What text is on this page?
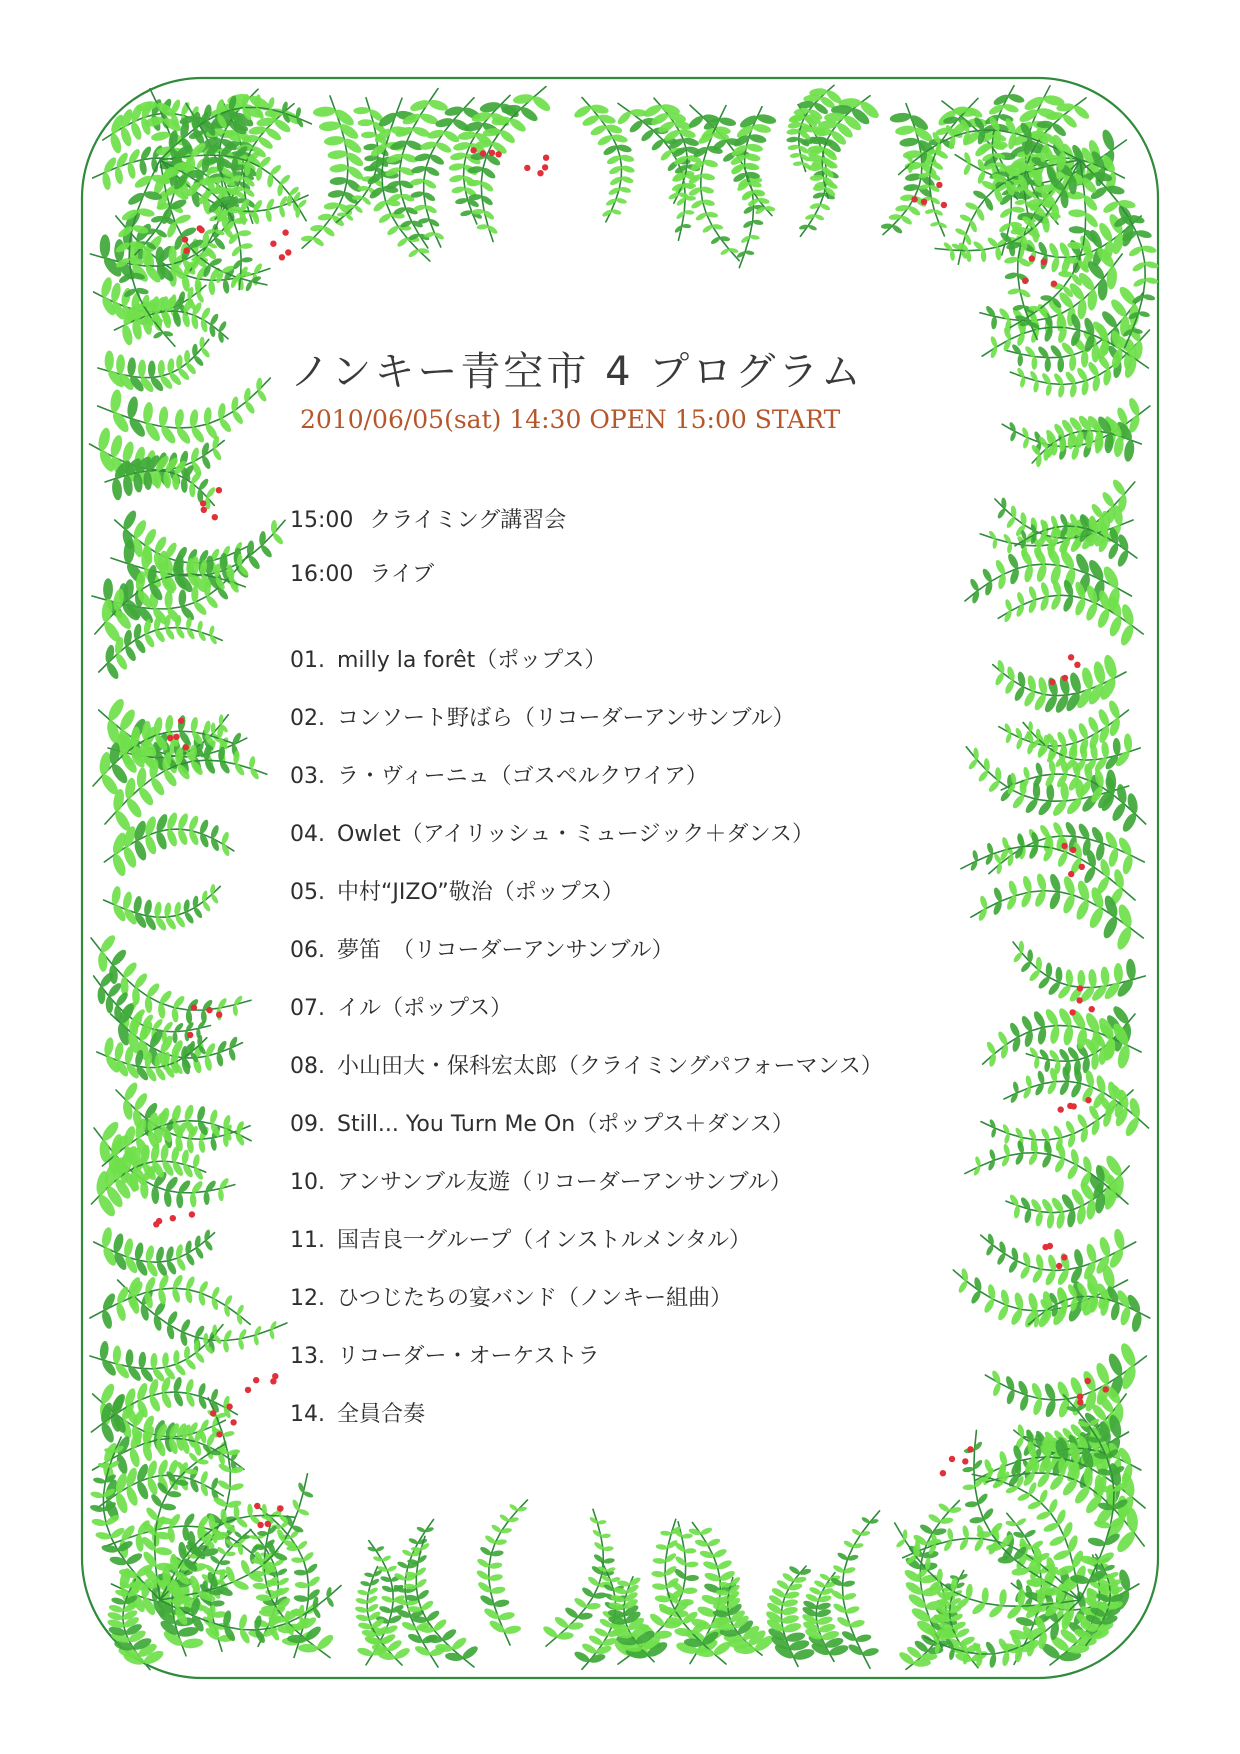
ノンキー青空市 4 プログラム

2010/06/05(sat) 14:30 OPEN 15:00 START

15:00 クライミング講習会
16:00 ライブ
01. milly la forêt（ポップス）
02. コンソート野ばら（リコーダーアンサンブル）
03. ラ・ヴィーニュ（ゴスペルクワイア）
04. Owlet（アイリッシュ・ミュージック＋ダンス）
05. 中村“JIZO”敬治（ポップス）
06. 夢笛　（リコーダーアンサンブル）
07. イル（ポップス）
08. 小山田大・保科宏太郎（クライミングパフォーマンス）
09. Still... You Turn Me On（ポップス＋ダンス）
10. アンサンブル友遊（リコーダーアンサンブル）
11. 国吉良一グループ（インストルメンタル）
12. ひつじたちの宴バンド（ノンキー組曲）
13. リコーダー・オーケストラ
14. 全員合奏
